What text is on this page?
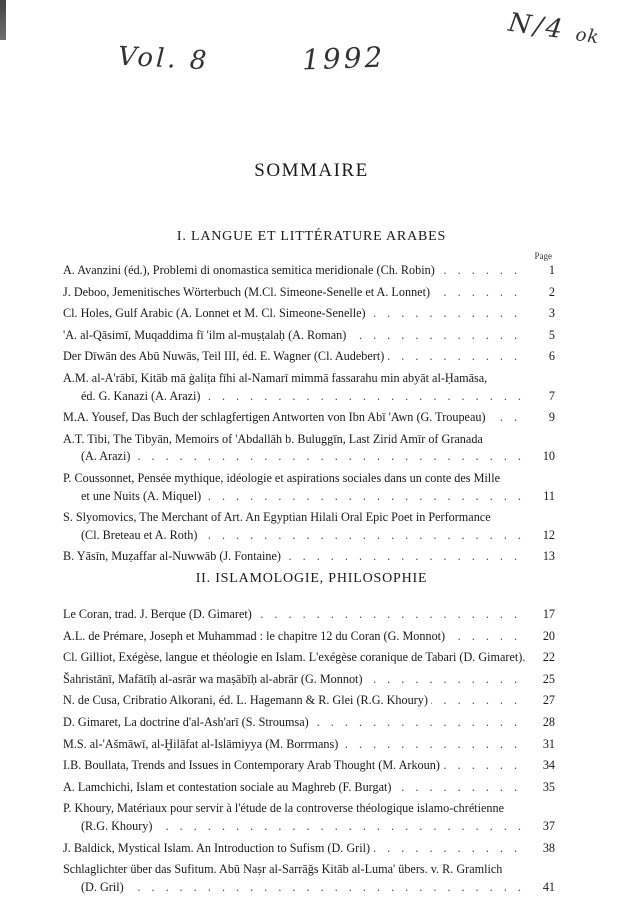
Vol. 8	1992
N/4 ok
SOMMAIRE
I. LANGUE ET LITTÉRATURE ARABES
Page
A. Avanzini (éd.), Problemi di onomastica semitica meridionale (Ch. Robin)	1
. . .
J. Deboo, Jemenitisches Wörterbuch (M.Cl. Simeone-Senelle et A. Lonnet)	2
. . .
Cl. Holes, Gulf Arabic (A. Lonnet et M. Cl. Simeone-Senelle)	3
. . .
'A. al-Qāsimī, Muqaddima fī 'ilm al-muṣṭalaḥ (A. Roman)	5
. . .
Der Dīwān des Abū Nuwās, Teil III, éd. E. Wagner (Cl. Audebert)	6
. . .
A.M. al-A'rābī, Kitāb mā ġaliṭa fīhi al-Namarī mimmā fassarahu min abyāt al-Ḥamāsa,
éd. G. Kanazi (A. Arazi)	7
. . .
M.A. Yousef, Das Buch der schlagfertigen Antworten von Ibn Abī 'Awn (G. Troupeau)	9
. . .
A.T. Tibi, The Tibyān, Memoirs of 'Abdallāh b. Buluggīn, Last Zirid Amīr of Granada
(A. Arazi)	10
. . .
P. Coussonnet, Pensée mythique, idéologie et aspirations sociales dans un conte des Mille
et une Nuits (A. Miquel)	11
. . .
S. Slyomovics, The Merchant of Art. An Egyptian Hilali Oral Epic Poet in Performance
(Cl. Breteau et A. Roth)	12
. . .
B. Yāsīn, Muẓaffar al-Nuwwāb (J. Fontaine)	13
. . .
II. ISLAMOLOGIE, PHILOSOPHIE
Le Coran, trad. J. Berque (D. Gimaret)	17
. . .
A.L. de Prémare, Joseph et Muhammad : le chapitre 12 du Coran (G. Monnot)	20
. . .
Cl. Gilliot, Exégèse, langue et théologie en Islam. L'exégèse coranique de Tabari (D. Gimaret).	22
. . .
Šahristānī, Mafātīḥ al-asrār wa maṣābīḥ al-abrār (G. Monnot)	25
. . .
N. de Cusa, Cribratio Alkorani, éd. L. Hagemann & R. Glei (R.G. Khoury)	27
. . .
D. Gimaret, La doctrine d'al-Ash'arī (S. Stroumsa)	28
. . .
M.S. al-'Ašmāwī, al-Ḫilāfat al-Islāmiyya (M. Borrmans)	31
. . .
I.B. Boullata, Trends and Issues in Contemporary Arab Thought (M. Arkoun)	34
. . .
A. Lamchichi, Islam et contestation sociale au Maghreb (F. Burgat)	35
. . .
P. Khoury, Matériaux pour servir à l'étude de la controverse théologique islamo-chrétienne
(R.G. Khoury)	37
. . .
J. Baldick, Mystical Islam. An Introduction to Sufism (D. Gril)	38
. . .
Schlaglichter über das Sufitum. Abū Naṣr al-Sarrāǧs Kitāb al-Luma' übers. v. R. Gramlich
(D. Gril)	41
. . .
